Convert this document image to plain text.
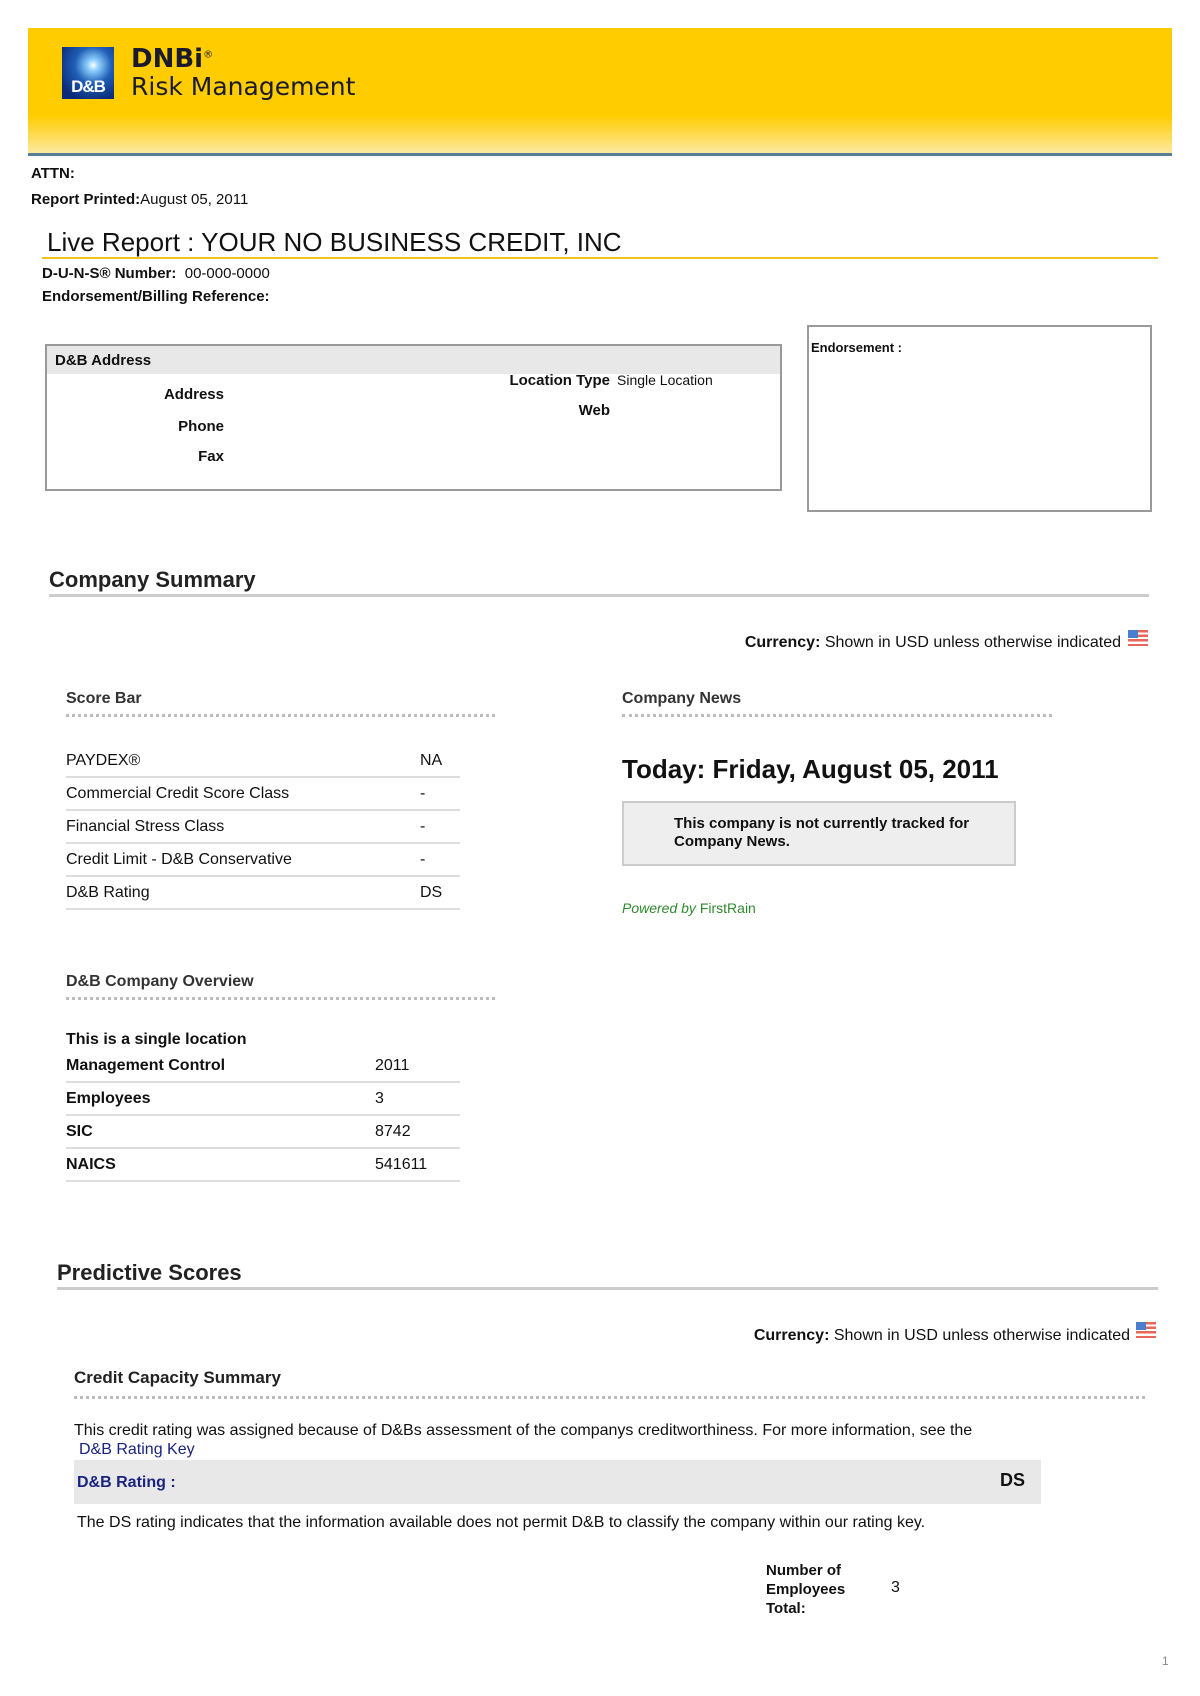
D&B
DNBi®
Risk Management
ATTN:
Report Printed:August 05, 2011
Live Report : YOUR NO BUSINESS CREDIT, INC
D-U-N-S® Number: 00-000-0000
Endorsement/Billing Reference:
D&B Address
Address
Phone
Fax
Location Type Single Location
Web
Endorsement :
Company Summary
Currency: Shown in USD unless otherwise indicated
Score Bar
PAYDEX®	NA
Commercial Credit Score Class	-
Financial Stress Class	-
Credit Limit - D&B Conservative	-
D&B Rating	DS
Company News
Today: Friday, August 05, 2011
This company is not currently tracked for Company News.
Powered by FirstRain
D&B Company Overview
This is a single location
Management Control	2011
Employees	3
SIC	8742
NAICS	541611
Predictive Scores
Currency: Shown in USD unless otherwise indicated
Credit Capacity Summary
This credit rating was assigned because of D&Bs assessment of the companys creditworthiness. For more information, see the
D&B Rating Key
D&B Rating :	DS
The DS rating indicates that the information available does not permit D&B to classify the company within our rating key.
Number of
Employees
Total:
3
1
